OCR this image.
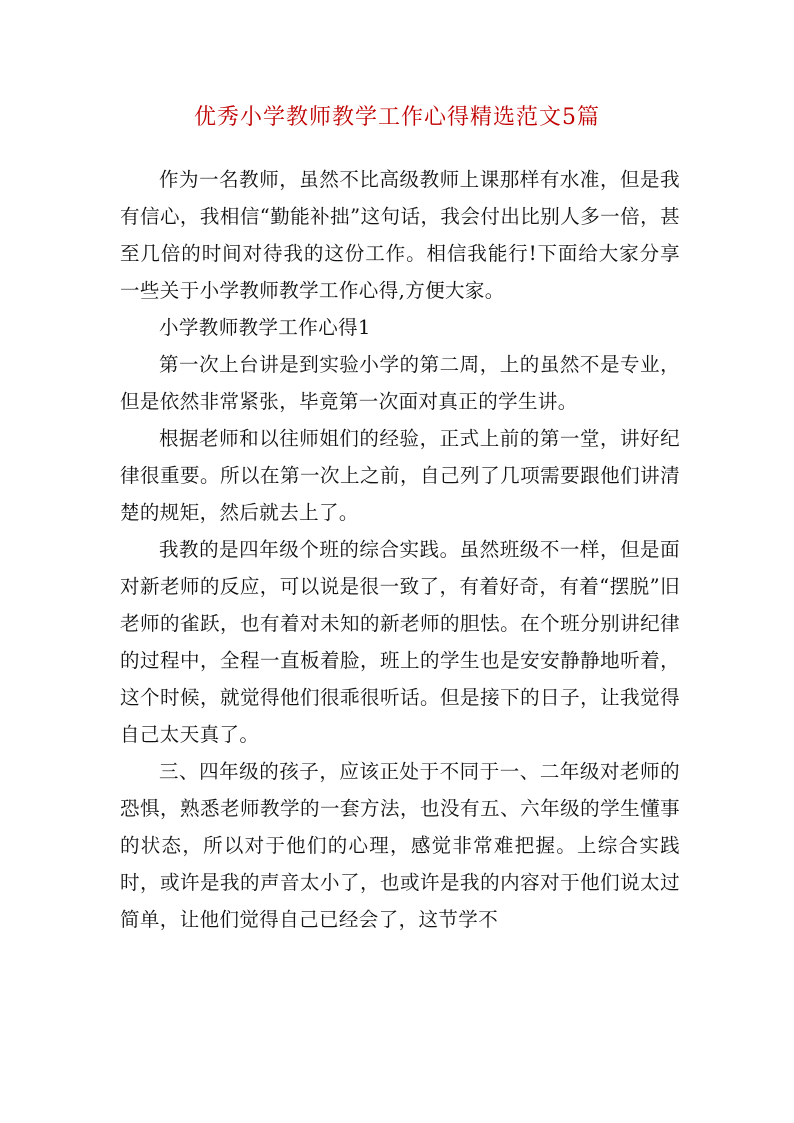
优秀小学教师教学工作心得精选范文5篇

作为一名教师，虽然不比高级教师上课那样有水准，但是我有信心，我相信“勤能补拙”这句话，我会付出比别人多一倍，甚至几倍的时间对待我的这份工作。相信我能行!下面给大家分享一些关于小学教师教学工作心得,方便大家。

小学教师教学工作心得1

第一次上台讲是到实验小学的第二周，上的虽然不是专业，但是依然非常紧张，毕竟第一次面对真正的学生讲。

根据老师和以往师姐们的经验，正式上前的第一堂，讲好纪律很重要。所以在第一次上之前，自己列了几项需要跟他们讲清楚的规矩，然后就去上了。

我教的是四年级个班的综合实践。虽然班级不一样，但是面对新老师的反应，可以说是很一致了，有着好奇，有着“摆脱”旧老师的雀跃，也有着对未知的新老师的胆怯。在个班分别讲纪律的过程中，全程一直板着脸，班上的学生也是安安静静地听着，这个时候，就觉得他们很乖很听话。但是接下的日子，让我觉得自己太天真了。

三、四年级的孩子，应该正处于不同于一、二年级对老师的恐惧，熟悉老师教学的一套方法，也没有五、六年级的学生懂事的状态，所以对于他们的心理，感觉非常难把握。上综合实践时，或许是我的声音太小了，也或许是我的内容对于他们说太过简单，让他们觉得自己已经会了，这节学不
